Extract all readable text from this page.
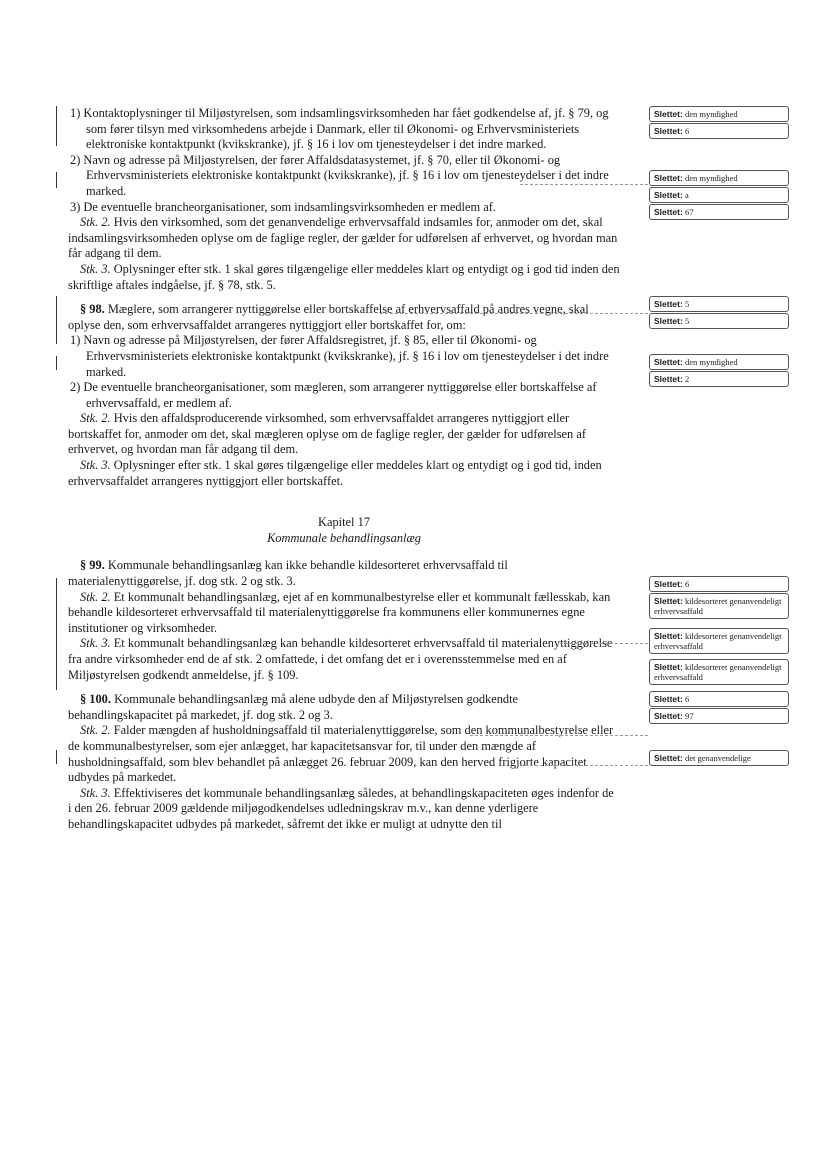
1) Kontaktoplysninger til Miljøstyrelsen, som indsamlingsvirksomheden har fået godkendelse af, jf. § 79, og som fører tilsyn med virksomhedens arbejde i Danmark, eller til Økonomi- og Erhvervsministeriets elektroniske kontaktpunkt (kvikskranke), jf. § 16 i lov om tjenesteydelser i det indre marked.

2) Navn og adresse på Miljøstyrelsen, der fører Affaldsdatasystemet, jf. § 70, eller til Økonomi- og Erhvervsministeriets elektroniske kontaktpunkt (kvikskranke), jf. § 16 i lov om tjenesteydelser i det indre marked.

3) De eventuelle brancheorganisationer, som indsamlingsvirksomheden er medlem af.

Stk. 2. Hvis den virksomhed, som det genanvendelige erhvervsaffald indsamles for, anmoder om det, skal indsamlingsvirksomheden oplyse om de faglige regler, der gælder for udførelsen af erhvervet, og hvordan man får adgang til dem.

Stk. 3. Oplysninger efter stk. 1 skal gøres tilgængelige eller meddeles klart og entydigt og i god tid inden den skriftlige aftales indgåelse, jf. § 78, stk. 5.

§ 98. Mæglere, som arrangerer nyttiggørelse eller bortskaffelse af erhvervsaffald på andres vegne, skal oplyse den, som erhvervsaffaldet arrangeres nyttiggjort eller bortskaffet for, om:

1) Navn og adresse på Miljøstyrelsen, der fører Affaldsregistret, jf. § 85, eller til Økonomi- og Erhvervsministeriets elektroniske kontaktpunkt (kvikskranke), jf. § 16 i lov om tjenesteydelser i det indre marked.

2) De eventuelle brancheorganisationer, som mægleren, som arrangerer nyttiggørelse eller bortskaffelse af erhvervsaffald, er medlem af.

Stk. 2. Hvis den affaldsproducerende virksomhed, som erhvervsaffaldet arrangeres nyttiggjort eller bortskaffet for, anmoder om det, skal mægleren oplyse om de faglige regler, der gælder for udførelsen af erhvervet, og hvordan man får adgang til dem.

Stk. 3. Oplysninger efter stk. 1 skal gøres tilgængelige eller meddeles klart og entydigt og i god tid, inden erhvervsaffaldet arrangeres nyttiggjort eller bortskaffet.

Kapitel 17

Kommunale behandlingsanlæg

§ 99. Kommunale behandlingsanlæg kan ikke behandle kildesorteret erhvervsaffald til materialenyttiggørelse, jf. dog stk. 2 og stk. 3.

Stk. 2. Et kommunalt behandlingsanlæg, ejet af en kommunalbestyrelse eller et kommunalt fællesskab, kan behandle kildesorteret erhvervsaffald til materialenyttiggørelse fra kommunens eller kommunernes egne institutioner og virksomheder.

Stk. 3. Et kommunalt behandlingsanlæg kan behandle kildesorteret erhvervsaffald til materialenyttiggørelse fra andre virksomheder end de af stk. 2 omfattede, i det omfang det er i overensstemmelse med en af Miljøstyrelsen godkendt anmeldelse, jf. § 109.

§ 100. Kommunale behandlingsanlæg må alene udbyde den af Miljøstyrelsen godkendte behandlingskapacitet på markedet, jf. dog stk. 2 og 3.

Stk. 2. Falder mængden af husholdningsaffald til materialenyttiggørelse, som den kommunalbestyrelse eller de kommunalbestyrelser, som ejer anlægget, har kapacitetsansvar for, til under den mængde af husholdningsaffald, som blev behandlet på anlægget 26. februar 2009, kan den herved frigjorte kapacitet udbydes på markedet.

Stk. 3. Effektiviseres det kommunale behandlingsanlæg således, at behandlingskapaciteten øges indenfor de i den 26. februar 2009 gældende miljøgodkendelses udledningskrav m.v., kan denne yderligere behandlingskapacitet udbydes på markedet, såfremt det ikke er muligt at udnytte den til

Slettet: den myndighed
Slettet: 6
Slettet: den myndighed
Slettet: a
Slettet: 67
Slettet: 5
Slettet: 5
Slettet: den myndighed
Slettet: 2
Slettet: 6
Slettet: kildesorteret genanvendeligt erhvervsaffald
Slettet: kildesorteret genanvendeligt erhvervsaffald
Slettet: kildesorteret genanvendeligt erhvervsaffald
Slettet: 6
Slettet: 97
Slettet: det genanvendelige
